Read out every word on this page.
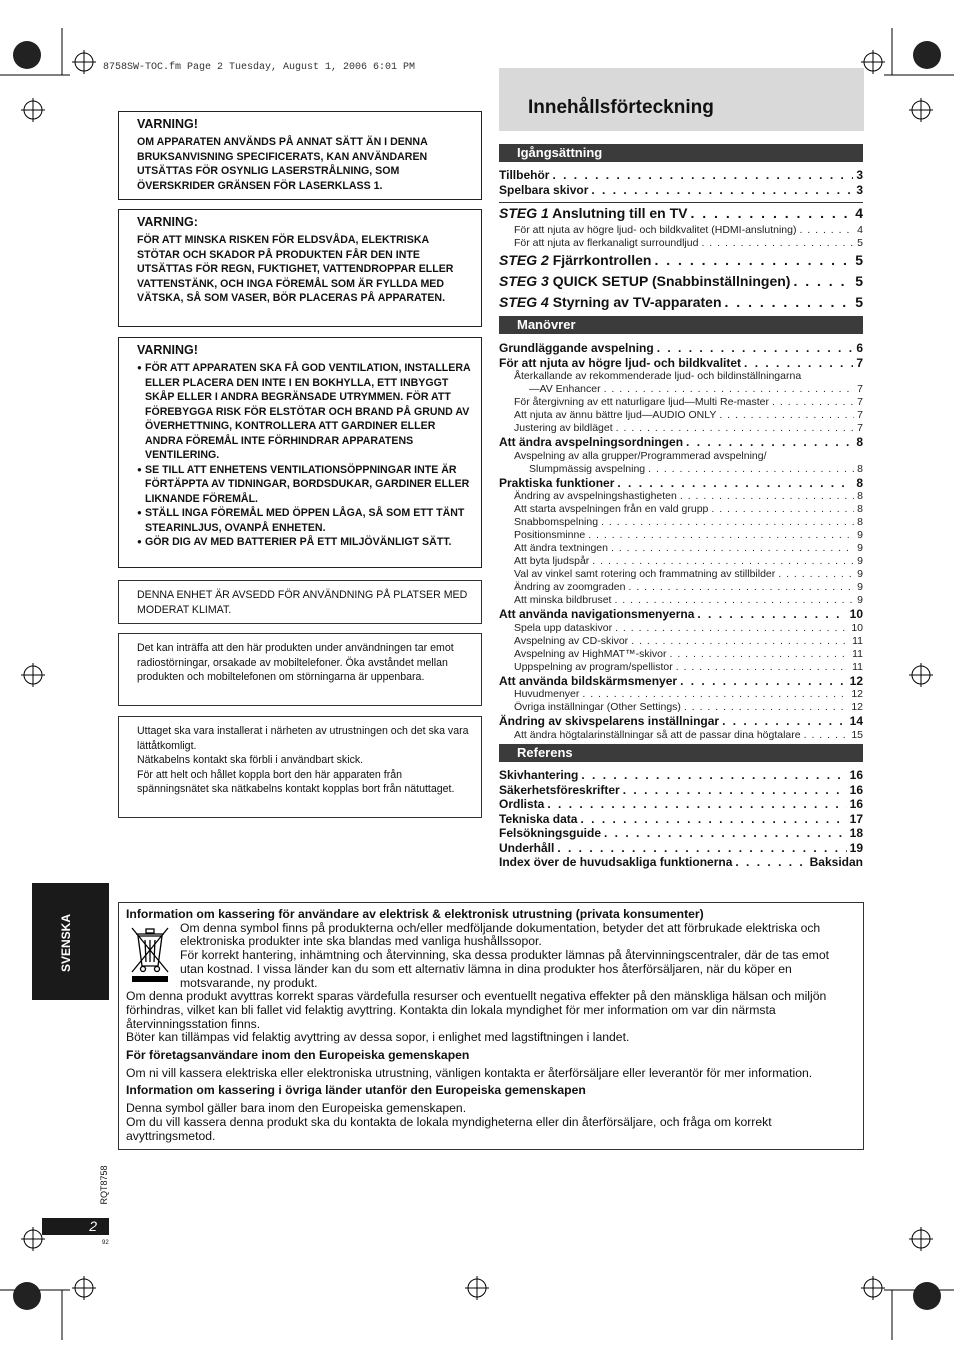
8758SW-TOC.fm Page 2 Tuesday, August 1, 2006 6:01 PM
VARNING!
OM APPARATEN ANVÄNDS PÅ ANNAT SÄTT ÄN I DENNA BRUKSANVISNING SPECIFICERATS, KAN ANVÄNDAREN UTSÄTTAS FÖR OSYNLIG LASERSTRÅLNING, SOM ÖVERSKRIDER GRÄNSEN FÖR LASERKLASS 1.
VARNING:
FÖR ATT MINSKA RISKEN FÖR ELDSVÅDA, ELEKTRISKA STÖTAR OCH SKADOR PÅ PRODUKTEN FÅR DEN INTE UTSÄTTAS FÖR REGN, FUKTIGHET, VATTENDROPPAR ELLER VATTENSTÄNK, OCH INGA FÖREMÅL SOM ÄR FYLLDA MED VÄTSKA, SÅ SOM VASER, BÖR PLACERAS PÅ APPARATEN.
VARNING!
● FÖR ATT APPARATEN SKA FÅ GOD VENTILATION, INSTALLERA ELLER PLACERA DEN INTE I EN BOKHYLLA, ETT INBYGGT SKÅP ELLER I ANDRA BEGRÄNSADE UTRYMMEN. FÖR ATT FÖREBYGGA RISK FÖR ELSTÖTAR OCH BRAND PÅ GRUND AV ÖVERHETTNING, KONTROLLERA ATT GARDINER ELLER ANDRA FÖREMÅL INTE FÖRHINDRAR APPARATENS VENTILERING.
● SE TILL ATT ENHETENS VENTILATIONSÖPPNINGAR INTE ÄR FÖRTÄPPTA AV TIDNINGAR, BORDSDUKAR, GARDINER ELLER LIKNANDE FÖREMÅL.
● STÄLL INGA FÖREMÅL MED ÖPPEN LÅGA, SÅ SOM ETT TÄNT STEARINLJUS, OVANPÅ ENHETEN.
● GÖR DIG AV MED BATTERIER PÅ ETT MILJÖVÄNLIGT SÄTT.
DENNA ENHET ÄR AVSEDD FÖR ANVÄNDNING PÅ PLATSER MED MODERAT KLIMAT.
Det kan inträffa att den här produkten under användningen tar emot radiostörningar, orsakade av mobiltelefoner. Öka avståndet mellan produkten och mobiltelefonen om störningarna är uppenbara.
Uttaget ska vara installerat i närheten av utrustningen och det ska vara lättåtkomligt.
Nätkabelns kontakt ska förbli i användbart skick.
För att helt och hållet koppla bort den här apparaten från spänningsnätet ska nätkabelns kontakt kopplas bort från nätuttaget.
Innehållsförteckning
Igångsättning
Tillbehör . . .	3
Spelbara skivor . . .	3
STEG 1 Anslutning till en TV . . .	4
För att njuta av högre ljud- och bildkvalitet (HDMI-anslutning) . . .	4
För att njuta av flerkanaligt surroundljud . . .	5
STEG 2 Fjärrkontrollen . . .	5
STEG 3 QUICK SETUP (Snabbinställningen) . . .	5
STEG 4 Styrning av TV-apparaten . . .	5
Manövrer
Grundläggande avspelning . . .	6
För att njuta av högre ljud- och bildkvalitet . . .	7
Återkallande av rekommenderade ljud- och bildinställningarna
—AV Enhancer . . .	7
För återgivning av ett naturligare ljud—Multi Re-master . . .	7
Att njuta av ännu bättre ljud—AUDIO ONLY . . .	7
Justering av bildläget . . .	7
Att ändra avspelningsordningen . . .	8
Avspelning av alla grupper/Programmerad avspelning/
Slumpmässig avspelning . . .	8
Praktiska funktioner . . .	8
Ändring av avspelningshastigheten . . .	8
Att starta avspelningen från en vald grupp . . .	8
Snabbomspelning . . .	8
Positionsminne . . .	9
Att ändra textningen . . .	9
Att byta ljudspår . . .	9
Val av vinkel samt rotering och frammatning av stillbilder . . .	9
Ändring av zoomgraden . . .	9
Att minska bildbruset . . .	9
Att använda navigationsmenyerna . . .	10
Spela upp dataskivor . . .	10
Avspelning av CD-skivor . . .	11
Avspelning av HighMAT™-skivor . . .	11
Uppspelning av program/spellistor . . .	11
Att använda bildskärmsmenyer . . .	12
Huvudmenyer . . .	12
Övriga inställningar (Other Settings) . . .	12
Ändring av skivspelarens inställningar . . .	14
Att ändra högtalarinställningar så att de passar dina högtalare . . .	15
Referens
Skivhantering . . .	16
Säkerhetsföreskrifter . . .	16
Ordlista . . .	16
Tekniska data . . .	17
Felsökningsguide . . .	18
Underhåll . . .	19
Index över de huvudsakliga funktionerna . . .	Baksidan
SVENSKA	Information om kassering för användare av elektrisk & elektronisk utrustning (privata konsumenter)

Om denna symbol finns på produkterna och/eller medföljande dokumentation, betyder det att förbrukade elektriska och elektroniska produkter inte ska blandas med vanliga hushållssopor.

För korrekt hantering, inhämtning och återvinning, ska dessa produkter lämnas på återvinningscentraler, där de tas emot utan kostnad. I vissa länder kan du som ett alternativ lämna in dina produkter hos återförsäljaren, när du köper en motsvarande, ny produkt.

Om denna produkt avyttras korrekt sparas värdefulla resurser och eventuellt negativa effekter på den mänskliga hälsan och miljön förhindras, vilket kan bli fallet vid felaktig avyttring. Kontakta din lokala myndighet för mer information om var din närmsta återvinningsstation finns.

Böter kan tillämpas vid felaktig avyttring av dessa sopor, i enlighet med lagstiftningen i landet.

För företagsanvändare inom den Europeiska gemenskapen

Om ni vill kassera elektriska eller elektroniska utrustning, vänligen kontakta er återförsäljare eller leverantör för mer information.

Information om kassering i övriga länder utanför den Europeiska gemenskapen

Denna symbol gäller bara inom den Europeiska gemenskapen.

Om du vill kassera denna produkt ska du kontakta de lokala myndigheterna eller din återförsäljare, och fråga om korrekt avyttringsmetod.

RQT8758
2
92
